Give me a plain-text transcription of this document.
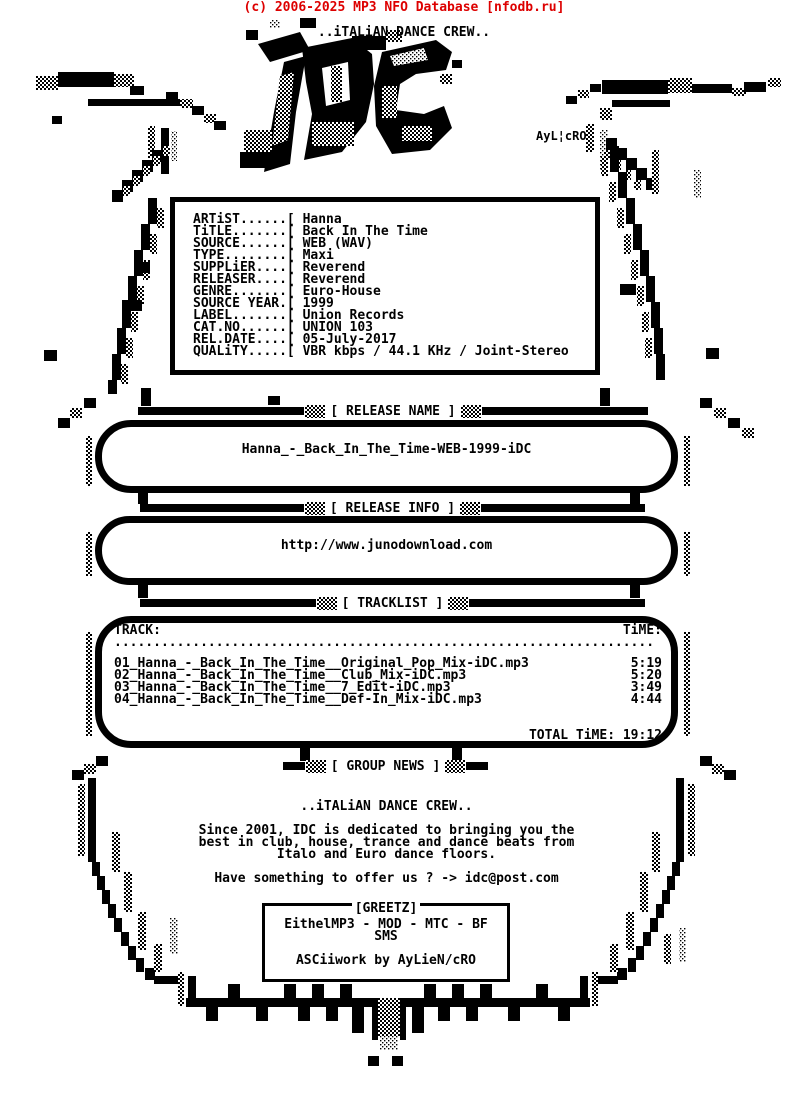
(c) 2006-2025 MP3 NFO Database [nfodb.ru]
..iTALiAN DANCE CREW..
AyL¦cRO
ARTiST......[ Hanna
TiTLE.......[ Back In The Time
SOURCE......[ WEB (WAV)
TYPE........[ Maxi
SUPPLiER....[ Reverend
RELEASER....[ Reverend
GENRE.......[ Euro-House
SOURCE YEAR.[ 1999
LABEL.......[ Union Records
CAT.NO......[ UNION 103
REL.DATE....[ 05-July-2017
QUALiTY.....[ VBR kbps / 44.1 KHz / Joint-Stereo
[ RELEASE NAME ]
Hanna_-_Back_In_The_Time-WEB-1999-iDC
[ RELEASE INFO ]
http://www.junodownload.com
[ TRACKLIST ]
TRACK:	TiME:
.....................................................................
01_Hanna_-_Back_In_The_Time__Original_Pop_Mix-iDC.mp3	5:19
02_Hanna_-_Back_In_The_Time__Club_Mix-iDC.mp3	5:20
03_Hanna_-_Back_In_The_Time__7_Edit-iDC.mp3	3:49
04_Hanna_-_Back_In_The_Time__Def-In_Mix-iDC.mp3	4:44

TOTAL TiME: 19:12

[ GROUP NEWS ]
..iTALiAN DANCE CREW..
Since 2001, IDC is dedicated to bringing you the
best in club, house, trance and dance beats from
Italo and Euro dance floors.
Have something to offer us ? -> idc@post.com
[GREETZ]
EithelMP3 - MOD - MTC - BF
SMS
ASCiiwork by AyLieN/cRO
